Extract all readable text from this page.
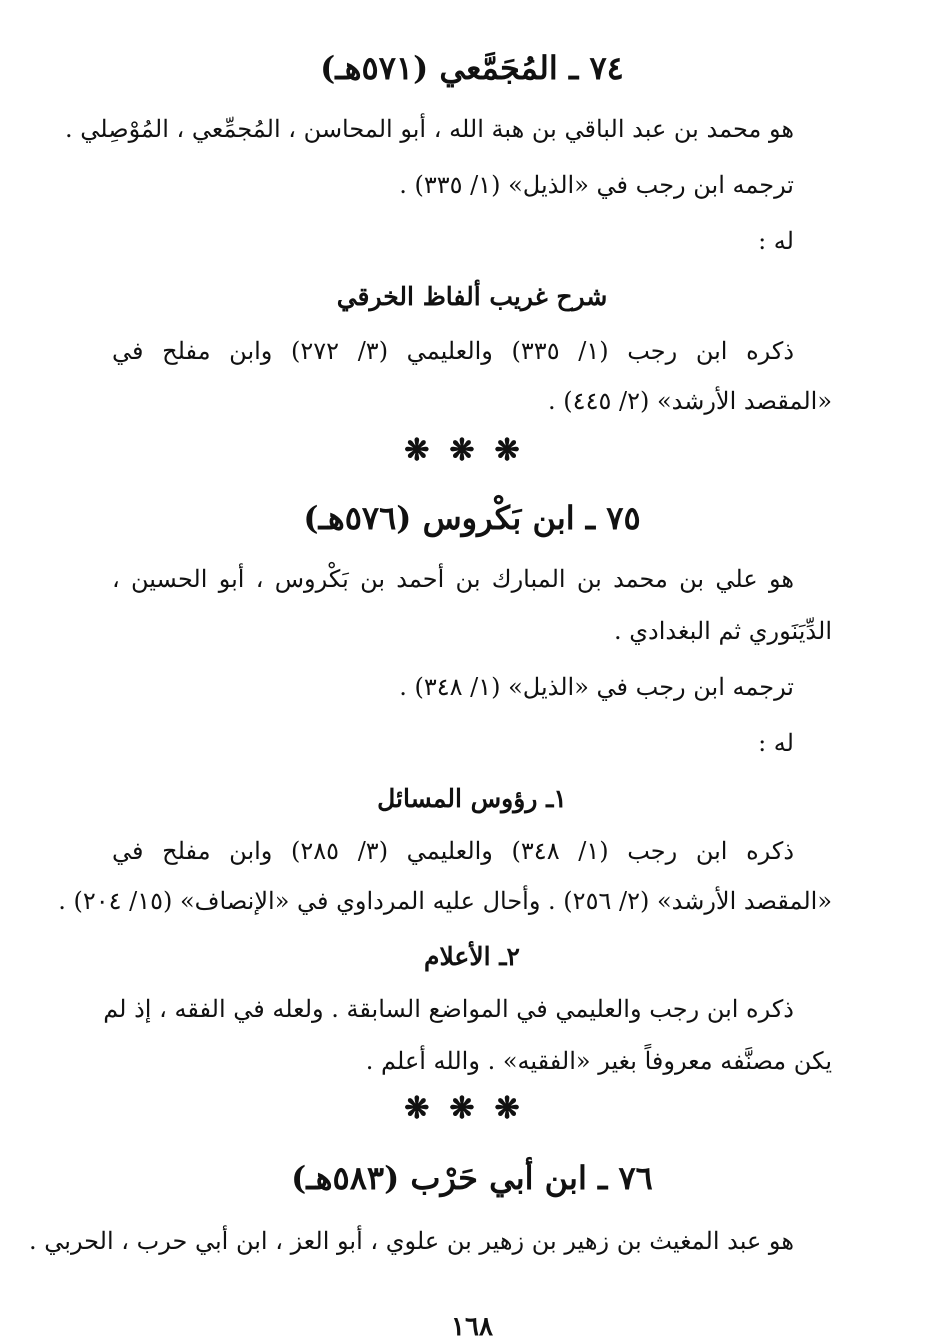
٧٤ ـ المُجَمَّعي (٥٧١هـ)
هو محمد بن عبد الباقي بن هبة الله ، أبو المحاسن ، المُجمِّعي ، المُوْصِلي .
ترجمه ابن رجب في «الذيل» (١/ ٣٣٥) .
له :
شرح غريب ألفاظ الخرقي
ذكره ابن رجب (١/ ٣٣٥) والعليمي (٣/ ٢٧٢) وابن مفلح في
«المقصد الأرشد» (٢/ ٤٤٥) .
❋❋❋
٧٥ ـ ابن بَكْروس (٥٧٦هـ)
هو علي بن محمد بن المبارك بن أحمد بن بَكْروس ، أبو الحسين ،
الدِّيَنَوري ثم البغدادي .
ترجمه ابن رجب في «الذيل» (١/ ٣٤٨) .
له :
١ـ رؤوس المسائل
ذكره ابن رجب (١/ ٣٤٨) والعليمي (٣/ ٢٨٥) وابن مفلح في
«المقصد الأرشد» (٢/ ٢٥٦) . وأحال عليه المرداوي في «الإنصاف» (١٥/ ٢٠٤) .
٢ـ الأعلام
ذكره ابن رجب والعليمي في المواضع السابقة . ولعله في الفقه ، إذ لم
يكن مصنَّفه معروفاً بغير «الفقيه» . والله أعلم .
❋❋❋
٧٦ ـ ابن أبي حَرْب (٥٨٣هـ)
هو عبد المغيث بن زهير بن زهير بن علوي ، أبو العز ، ابن أبي حرب ، الحربي .
١٦٨
